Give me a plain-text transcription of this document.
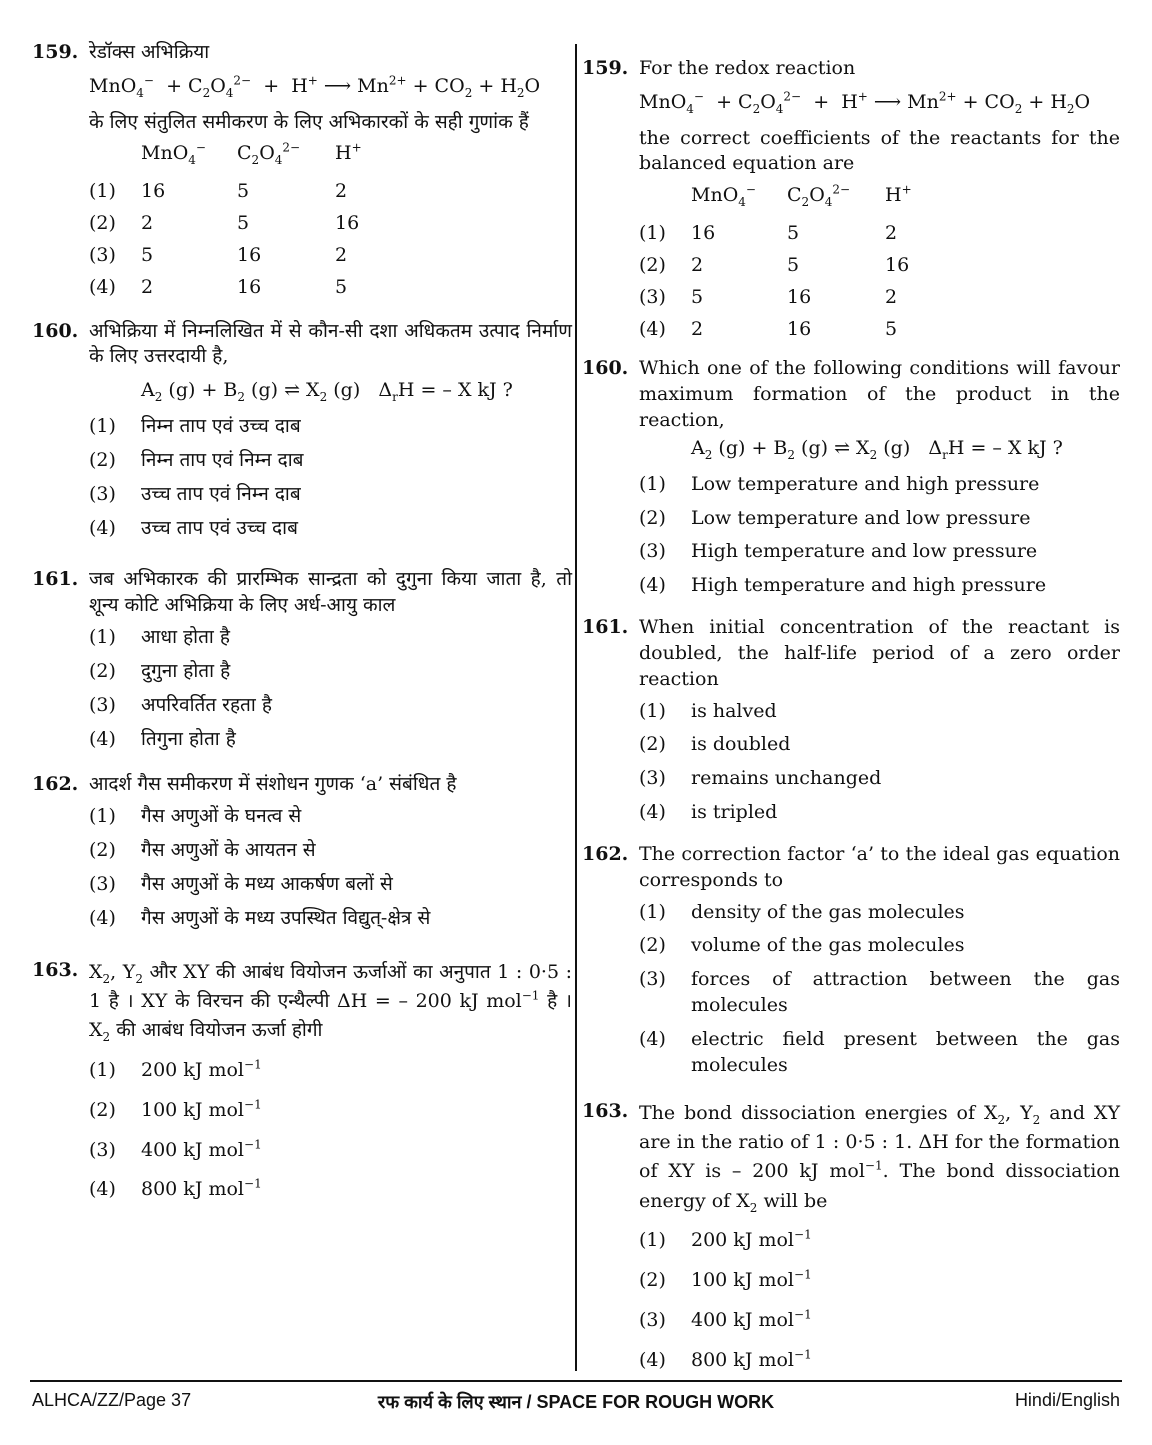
159. रेडॉक्स अभिक्रिया
$MnO_4^- + C_2O_4^{2-} + H^+$ ⟶ $Mn^{2+} + CO_2 + H_2O$
के लिए संतुलित समीकरण के लिए अभिकारकों के सही गुणांक हैं
MnO$_4$−	$C_2O_4^{2-}$	H+
(1)	16	5	2
(2)	2	5	16
(3)	5	16	2
(4)	2	16	5
160. अभिक्रिया में निम्नलिखित में से कौन-सी दशा अधिकतम उत्पाद निर्माण के लिए उत्तरदायी है,
$A_2$ $(g) + B_2$ (g) ⇌ $X_2$ (g)   $\Delta_rH$ = – X kJ ?
(1)	निम्न ताप एवं उच्च दाब
(2)	निम्न ताप एवं निम्न दाब
(3)	उच्च ताप एवं निम्न दाब
(4)	उच्च ताप एवं उच्च दाब
161. जब अभिकारक की प्रारम्भिक सान्द्रता को दुगुना किया जाता है, तो शून्य कोटि अभिक्रिया के लिए अर्ध-आयु काल
(1)	आधा होता है
(2)	दुगुना होता है
(3)	अपरिवर्तित रहता है
(4)	तिगुना होता है
162. आदर्श गैस समीकरण में संशोधन गुणक ‘a’ संबंधित है
(1)	गैस अणुओं के घनत्व से
(2)	गैस अणुओं के आयतन से
(3)	गैस अणुओं के मध्य आकर्षण बलों से
(4)	गैस अणुओं के मध्य उपस्थित विद्युत्-क्षेत्र से
163. $X_2$, $Y_2$ और XY की आबंध वियोजन ऊर्जाओं का अनुपात 1 : 0·5 : 1 है । XY के विरचन की एन्थैल्पी ΔH = – 200 kJ mol$^{-1}$ है । $X_2$ की आबंध वियोजन ऊर्जा होगी
(1)	200 kJ mol$^{-1}$
(2)	100 kJ mol$^{-1}$
(3)	400 kJ mol$^{-1}$
(4)	800 kJ mol$^{-1}$
159. For the redox reaction
$MnO_4^- + C_2O_4^{2-} + H^+$ ⟶ $Mn^{2+} + CO_2 + H_2O$
the correct coefficients of the reactants for the balanced equation are
MnO$_4$−	$C_2O_4^{2-}$	H+
(1)	16	5	2
(2)	2	5	16
(3)	5	16	2
(4)	2	16	5
160. Which one of the following conditions will favour maximum formation of the product in the reaction,
$A_2$ $(g) + B_2$ (g) ⇌ $X_2$ (g)   $\Delta_rH$ = – X kJ ?
(1)	Low temperature and high pressure
(2)	Low temperature and low pressure
(3)	High temperature and low pressure
(4)	High temperature and high pressure
161. When initial concentration of the reactant is doubled, the half-life period of a zero order reaction
(1)	is halved
(2)	is doubled
(3)	remains unchanged
(4)	is tripled
162. The correction factor ‘a’ to the ideal gas equation corresponds to
(1)	density of the gas molecules
(2)	volume of the gas molecules
(3)	forces of attraction between the gas molecules
(4)	electric field present between the gas molecules
163. The bond dissociation energies of $X_2$, $Y_2$ and XY are in the ratio of 1 : 0·5 : 1. ΔH for the formation of XY is – 200 kJ mol$^{-1}$. The bond dissociation energy of $X_2$ will be
(1)	200 kJ mol$^{-1}$
(2)	100 kJ mol$^{-1}$
(3)	400 kJ mol$^{-1}$
(4)	800 kJ mol$^{-1}$
ALHCA/ZZ/Page 37	रफ कार्य के लिए स्थान / SPACE FOR ROUGH WORK	Hindi/English
